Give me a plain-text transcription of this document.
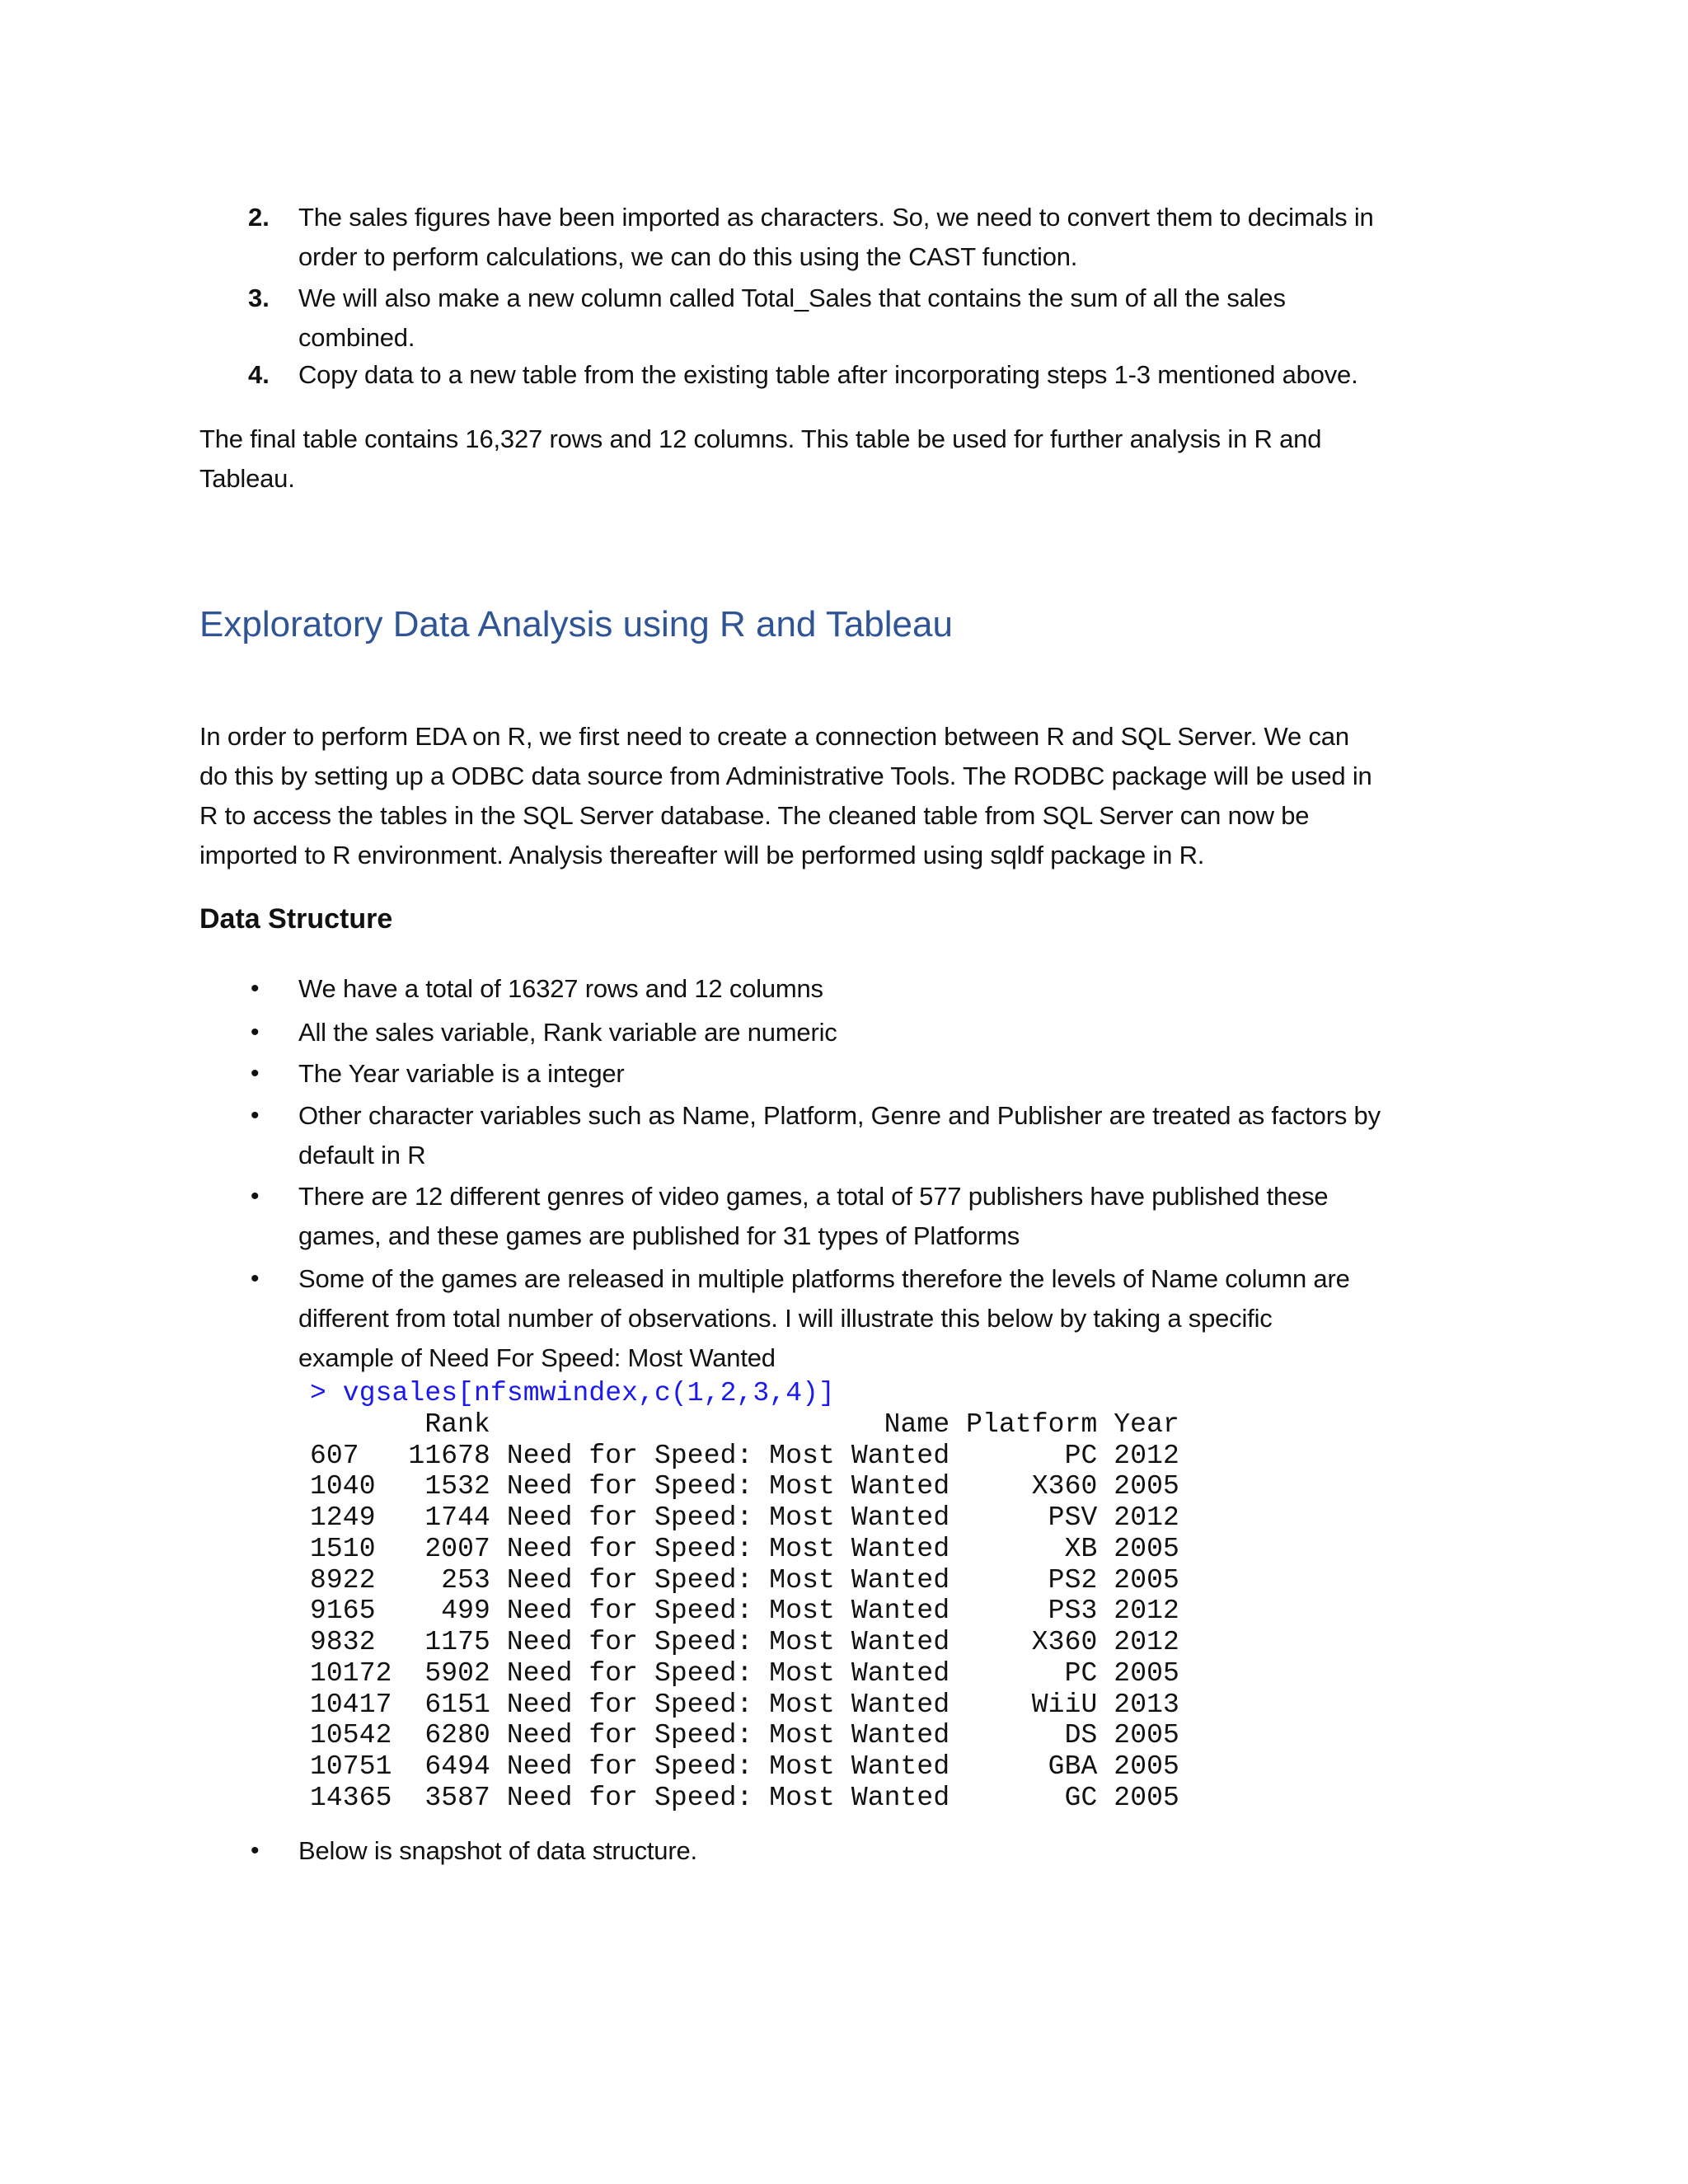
2.	The sales figures have been imported as characters. So, we need to convert them to decimals in
order to perform calculations, we can do this using the CAST function.
3.	We will also make a new column called Total_Sales that contains the sum of all the sales
combined.
4.	Copy data to a new table from the existing table after incorporating steps 1-3 mentioned above.
The final table contains 16,327 rows and 12 columns. This table be used for further analysis in R and
Tableau.
Exploratory Data Analysis using R and Tableau
In order to perform EDA on R, we first need to create a connection between R and SQL Server. We can
do this by setting up a ODBC data source from Administrative Tools. The RODBC package will be used in
R to access the tables in the SQL Server database. The cleaned table from SQL Server can now be
imported to R environment. Analysis thereafter will be performed using sqldf package in R.
Data Structure
•	We have a total of 16327 rows and 12 columns
•	All the sales variable, Rank variable are numeric
•	The Year variable is a integer
•	Other character variables such as Name, Platform, Genre and Publisher are treated as factors by
default in R
•	There are 12 different genres of video games, a total of 577 publishers have published these
games, and these games are published for 31 types of Platforms
•	Some of the games are released in multiple platforms therefore the levels of Name column are
different from total number of observations. I will illustrate this below by taking a specific
example of Need For Speed: Most Wanted
> vgsales[nfsmwindex,c(1,2,3,4)]
Rank                        Name Platform Year
607   11678 Need for Speed: Most Wanted       PC 2012
1040   1532 Need for Speed: Most Wanted     X360 2005
1249   1744 Need for Speed: Most Wanted      PSV 2012
1510   2007 Need for Speed: Most Wanted       XB 2005
8922    253 Need for Speed: Most Wanted      PS2 2005
9165    499 Need for Speed: Most Wanted      PS3 2012
9832   1175 Need for Speed: Most Wanted     X360 2012
10172  5902 Need for Speed: Most Wanted       PC 2005
10417  6151 Need for Speed: Most Wanted     WiiU 2013
10542  6280 Need for Speed: Most Wanted       DS 2005
10751  6494 Need for Speed: Most Wanted      GBA 2005
14365  3587 Need for Speed: Most Wanted       GC 2005
•	Below is snapshot of data structure.
